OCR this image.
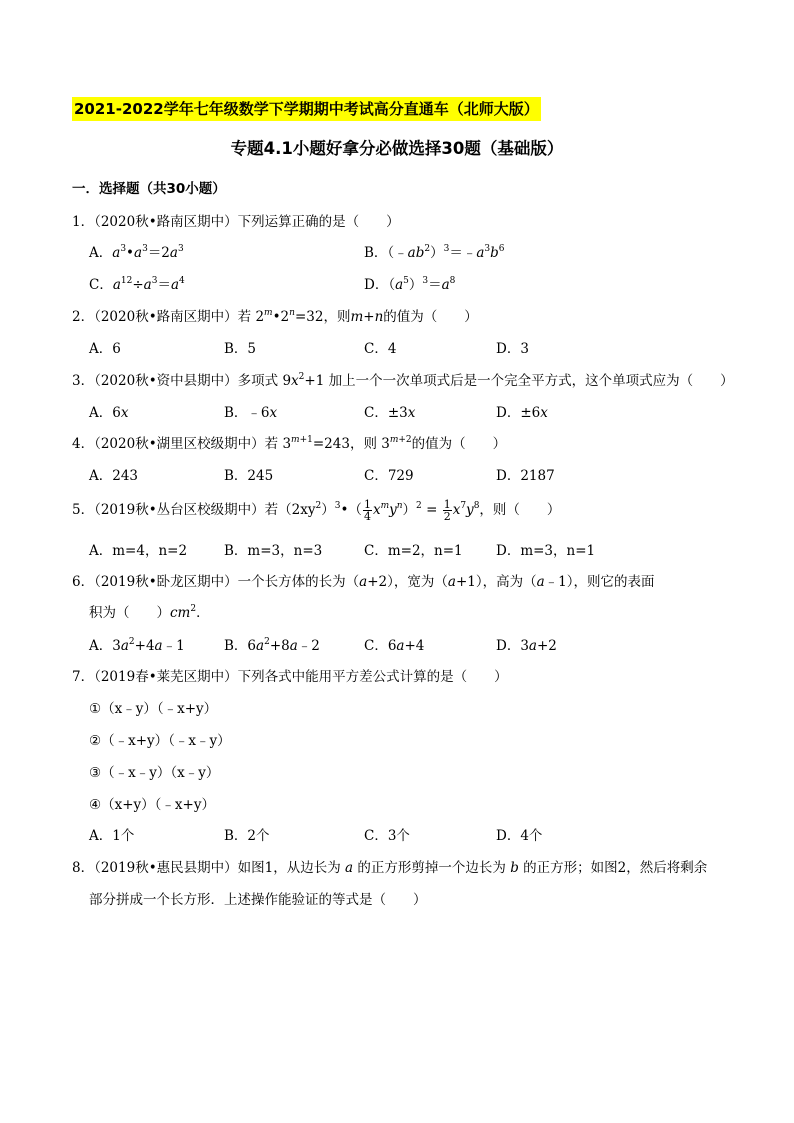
2021-2022学年七年级数学下学期期中考试高分直通车（北师大版）
专题4.1小题好拿分必做选择30题（基础版）
一．选择题（共30小题）
1．（2020秋•路南区期中）下列运算正确的是（　　）
A．$a^3•a^3=2a^3$	B．$(﹣ab^2)^3=﹣a^3b^6$
C．$a^{12}\div a^3=a^4$	D．$(a^5)^3=a^8$
2．（2020秋•路南区期中）若 $2^m•2^n=32$，则m+n的值为（　　）
A．6	B．5	C．4	D．3
3．（2020秋•资中县期中）多项式 $9x^2+1$ 加上一个一次单项式后是一个完全平方式，这个单项式应为（　　）
A．6x	B．﹣6x	C．±3x	D．±6x
4．（2020秋•湖里区校级期中）若 $3^{m+1}=243$，则 $3^{m+2}$的值为（　　）
A．243	B．245	C．729	D．2187
5．（2019秋•丛台区校级期中）若$(2xy^2)^3•( \frac{1}{4} x^my^n)^2 = \frac{1}{2} x^7y^8$，则（　　）
A．m=4，n=2	B．m=3，n=3	C．m=2，n=1 D．m=3，n=1
6．（2019秋•卧龙区期中）一个长方体的长为（a+2），宽为（a+1），高为（a﹣1），则它的表面
积为（　　）$cm^2$．
A．$3a^2+4a﹣1$	B．$6a^2+8a﹣2$	C．6a+4	D．3a+2
7．（2019春•莱芜区期中）下列各式中能用平方差公式计算的是（　　）
①（x﹣y）（﹣x+y）
②（﹣x+y）（﹣x﹣y）
③（﹣x﹣y）（x﹣y）
④（x+y）（﹣x+y）
A．1个	B．2个	C．3个	D．4个
8．（2019秋•惠民县期中）如图1，从边长为 a 的正方形剪掉一个边长为 b 的正方形；如图2，然后将剩余
部分拼成一个长方形．上述操作能验证的等式是（　　）
